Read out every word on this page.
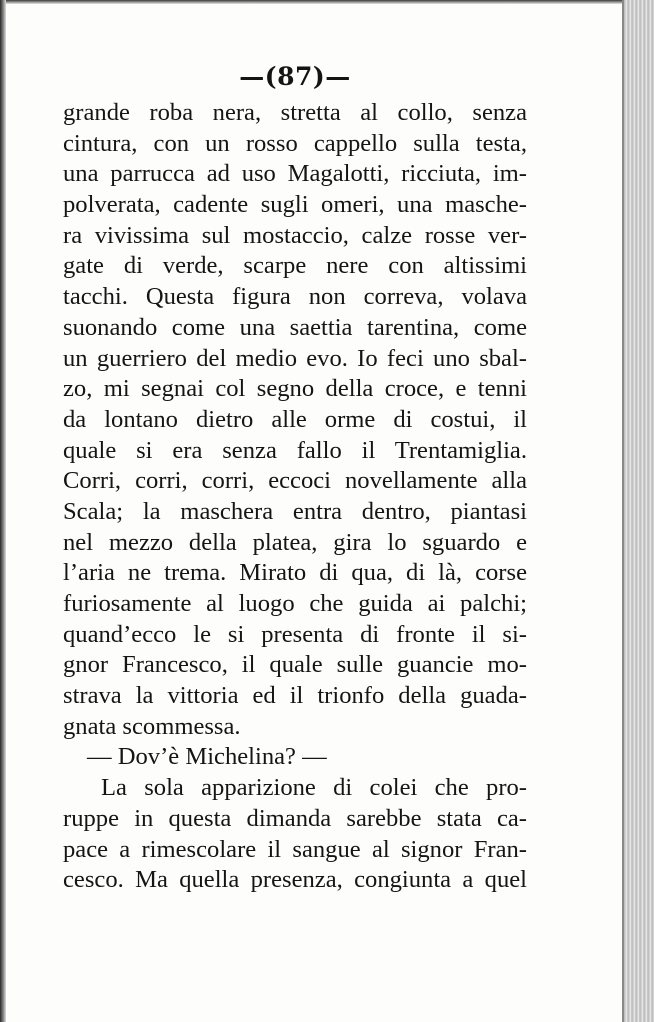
—(87)—
grande roba nera, stretta al collo, senza
cintura, con un rosso cappello sulla testa,
una parrucca ad uso Magalotti, ricciuta, im-
polverata, cadente sugli omeri, una masche-
ra vivissima sul mostaccio, calze rosse ver-
gate di verde, scarpe nere con altissimi
tacchi. Questa figura non correva, volava
suonando come una saettia tarentina, come
un guerriero del medio evo. Io feci uno sbal-
zo, mi segnai col segno della croce, e tenni
da lontano dietro alle orme di costui, il
quale si era senza fallo il Trentamiglia.
Corri, corri, corri, eccoci novellamente alla
Scala; la maschera entra dentro, piantasi
nel mezzo della platea, gira lo sguardo e
l’aria ne trema. Mirato di qua, di là, corse
furiosamente al luogo che guida ai palchi;
quand’ecco le si presenta di fronte il si-
gnor Francesco, il quale sulle guancie mo-
strava la vittoria ed il trionfo della guada-
gnata scommessa.
— Dov’è Michelina? —
La sola apparizione di colei che pro-
ruppe in questa dimanda sarebbe stata ca-
pace a rimescolare il sangue al signor Fran-
cesco. Ma quella presenza, congiunta a quel
